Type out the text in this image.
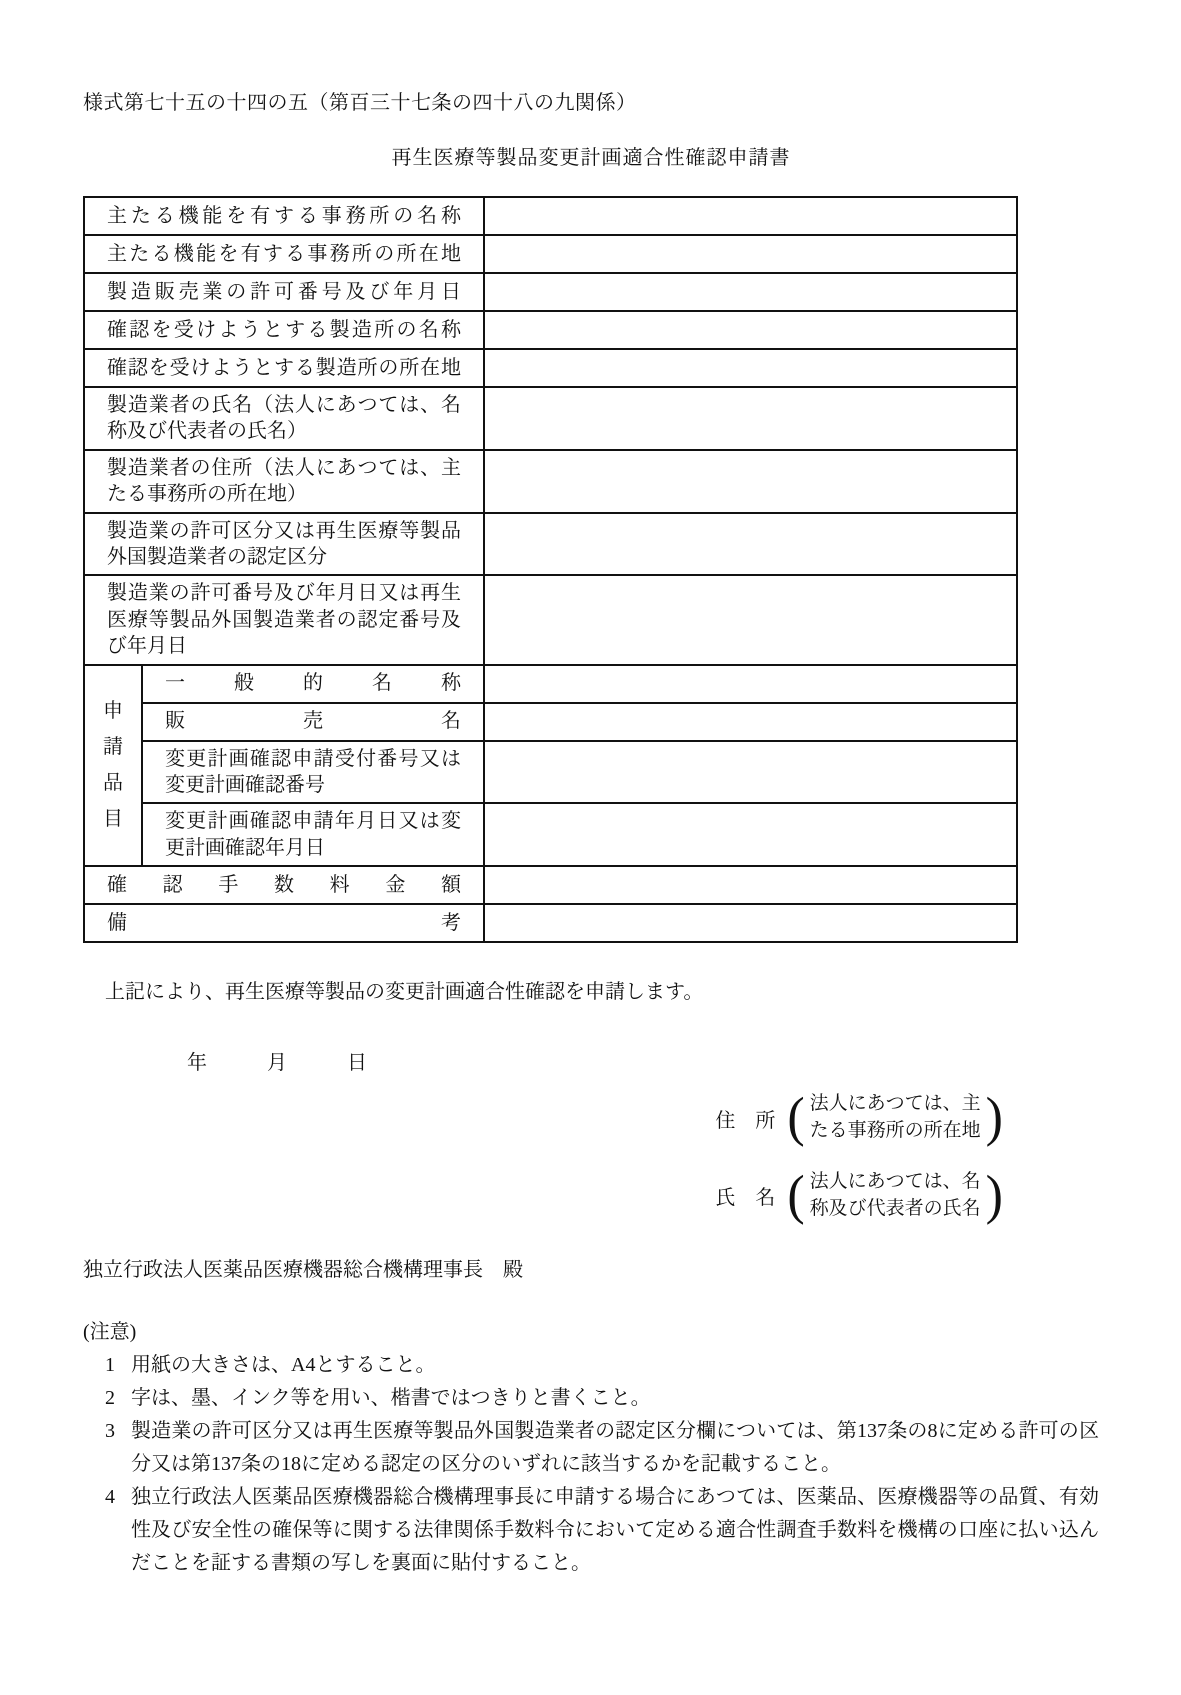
様式第七十五の十四の五（第百三十七条の四十八の九関係）
再生医療等製品変更計画適合性確認申請書
主たる機能を有する事務所の名称		
主たる機能を有する事務所の所在地		
製造販売業の許可番号及び年月日		
確認を受けようとする製造所の名称		
確認を受けようとする製造所の所在地		
製造業者の氏名（法人にあつては、名称及び代表者の氏名）		
製造業者の住所（法人にあつては、主たる事務所の所在地）		
製造業の許可区分又は再生医療等製品外国製造業者の認定区分		
製造業の許可番号及び年月日又は再生医療等製品外国製造業者の認定番号及び年月日		
申請品目	一般的名称	
	販売名	
	変更計画確認申請受付番号又は変更計画確認番号	
	変更計画確認申請年月日又は変更計画確認年月日	
確認手数料金額		
備考		

上記により、再生医療等製品の変更計画適合性確認を申請します。

年　　　月　　　日

住　所 ( 法人にあつては、主
たる事務所の所在地 )
氏　名 ( 法人にあつては、名
称及び代表者の氏名 )

独立行政法人医薬品医療機器総合機構理事長　殿

(注意)

1 用紙の大きさは、A4とすること。
2 字は、墨、インク等を用い、楷書ではつきりと書くこと。
3 製造業の許可区分又は再生医療等製品外国製造業者の認定区分欄については、第137条の8に定める許可の区分又は第137条の18に定める認定の区分のいずれに該当するかを記載すること。
4 独立行政法人医薬品医療機器総合機構理事長に申請する場合にあつては、医薬品、医療機器等の品質、有効性及び安全性の確保等に関する法律関係手数料令において定める適合性調査手数料を機構の口座に払い込んだことを証する書類の写しを裏面に貼付すること。
